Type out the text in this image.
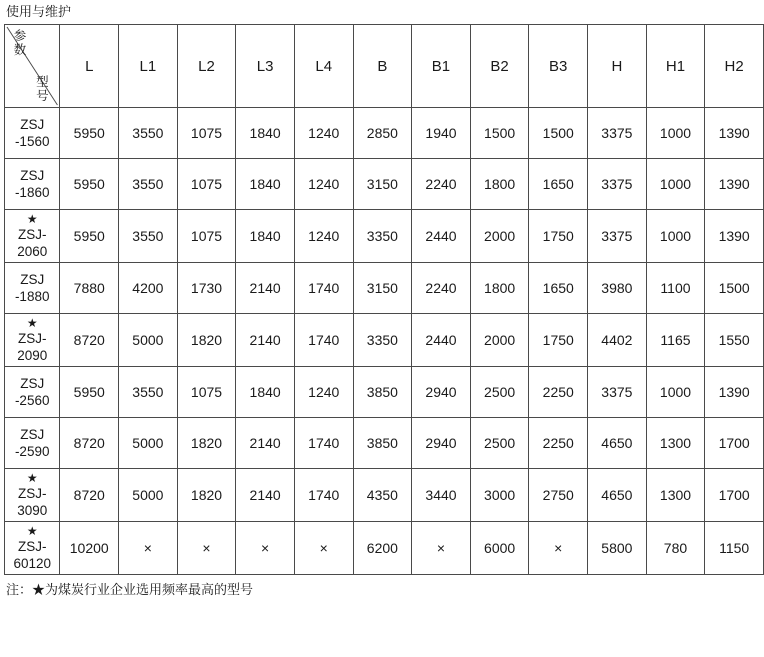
使用与维护
参 数
型 号	L	L1	L2	L3	L4	B	B1	B2	B3	H	H1	H2

ZSJ
-1560	5950	3550	1075	1840	1240	2850	1940	1500	1500	3375	1000	1390

ZSJ
-1860	5950	3550	1075	1840	1240	3150	2240	1800	1650	3375	1000	1390

★
ZSJ-
2060	5950	3550	1075	1840	1240	3350	2440	2000	1750	3375	1000	1390

ZSJ
-1880	7880	4200	1730	2140	1740	3150	2240	1800	1650	3980	1100	1500

★
ZSJ-
2090	8720	5000	1820	2140	1740	3350	2440	2000	1750	4402	1165	1550

ZSJ
-2560	5950	3550	1075	1840	1240	3850	2940	2500	2250	3375	1000	1390

ZSJ
-2590	8720	5000	1820	2140	1740	3850	2940	2500	2250	4650	1300	1700

★
ZSJ-
3090	8720	5000	1820	2140	1740	4350	3440	3000	2750	4650	1300	1700

★
ZSJ-
60120	10200	×	×	×	×	6200	×	6000	×	5800	780	1150
注：★为煤炭行业企业选用频率最高的型号
